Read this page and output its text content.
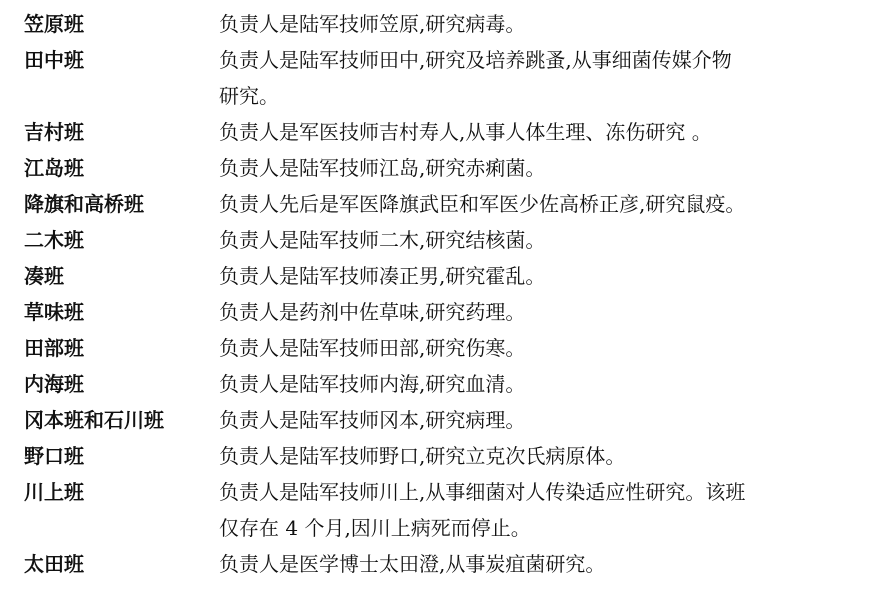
笠原班	负责人是陆军技师笠原,研究病毒。
田中班	负责人是陆军技师田中,研究及培养跳蚤,从事细菌传媒介物
研究。
吉村班	负责人是军医技师吉村寿人,从事人体生理、冻伤研究 。
江岛班	负责人是陆军技师江岛,研究赤痢菌。
降旗和高桥班	负责人先后是军医降旗武臣和军医少佐高桥正彦,研究鼠疫。
二木班	负责人是陆军技师二木,研究结核菌。
凑班	负责人是陆军技师凑正男,研究霍乱。
草味班	负责人是药剂中佐草味,研究药理。
田部班	负责人是陆军技师田部,研究伤寒。
内海班	负责人是陆军技师内海,研究血清。
冈本班和石川班	负责人是陆军技师冈本,研究病理。
野口班	负责人是陆军技师野口,研究立克次氏病原体。
川上班	负责人是陆军技师川上,从事细菌对人传染适应性研究。该班
仅存在 4 个月,因川上病死而停止。
太田班	负责人是医学博士太田澄,从事炭疽菌研究。
